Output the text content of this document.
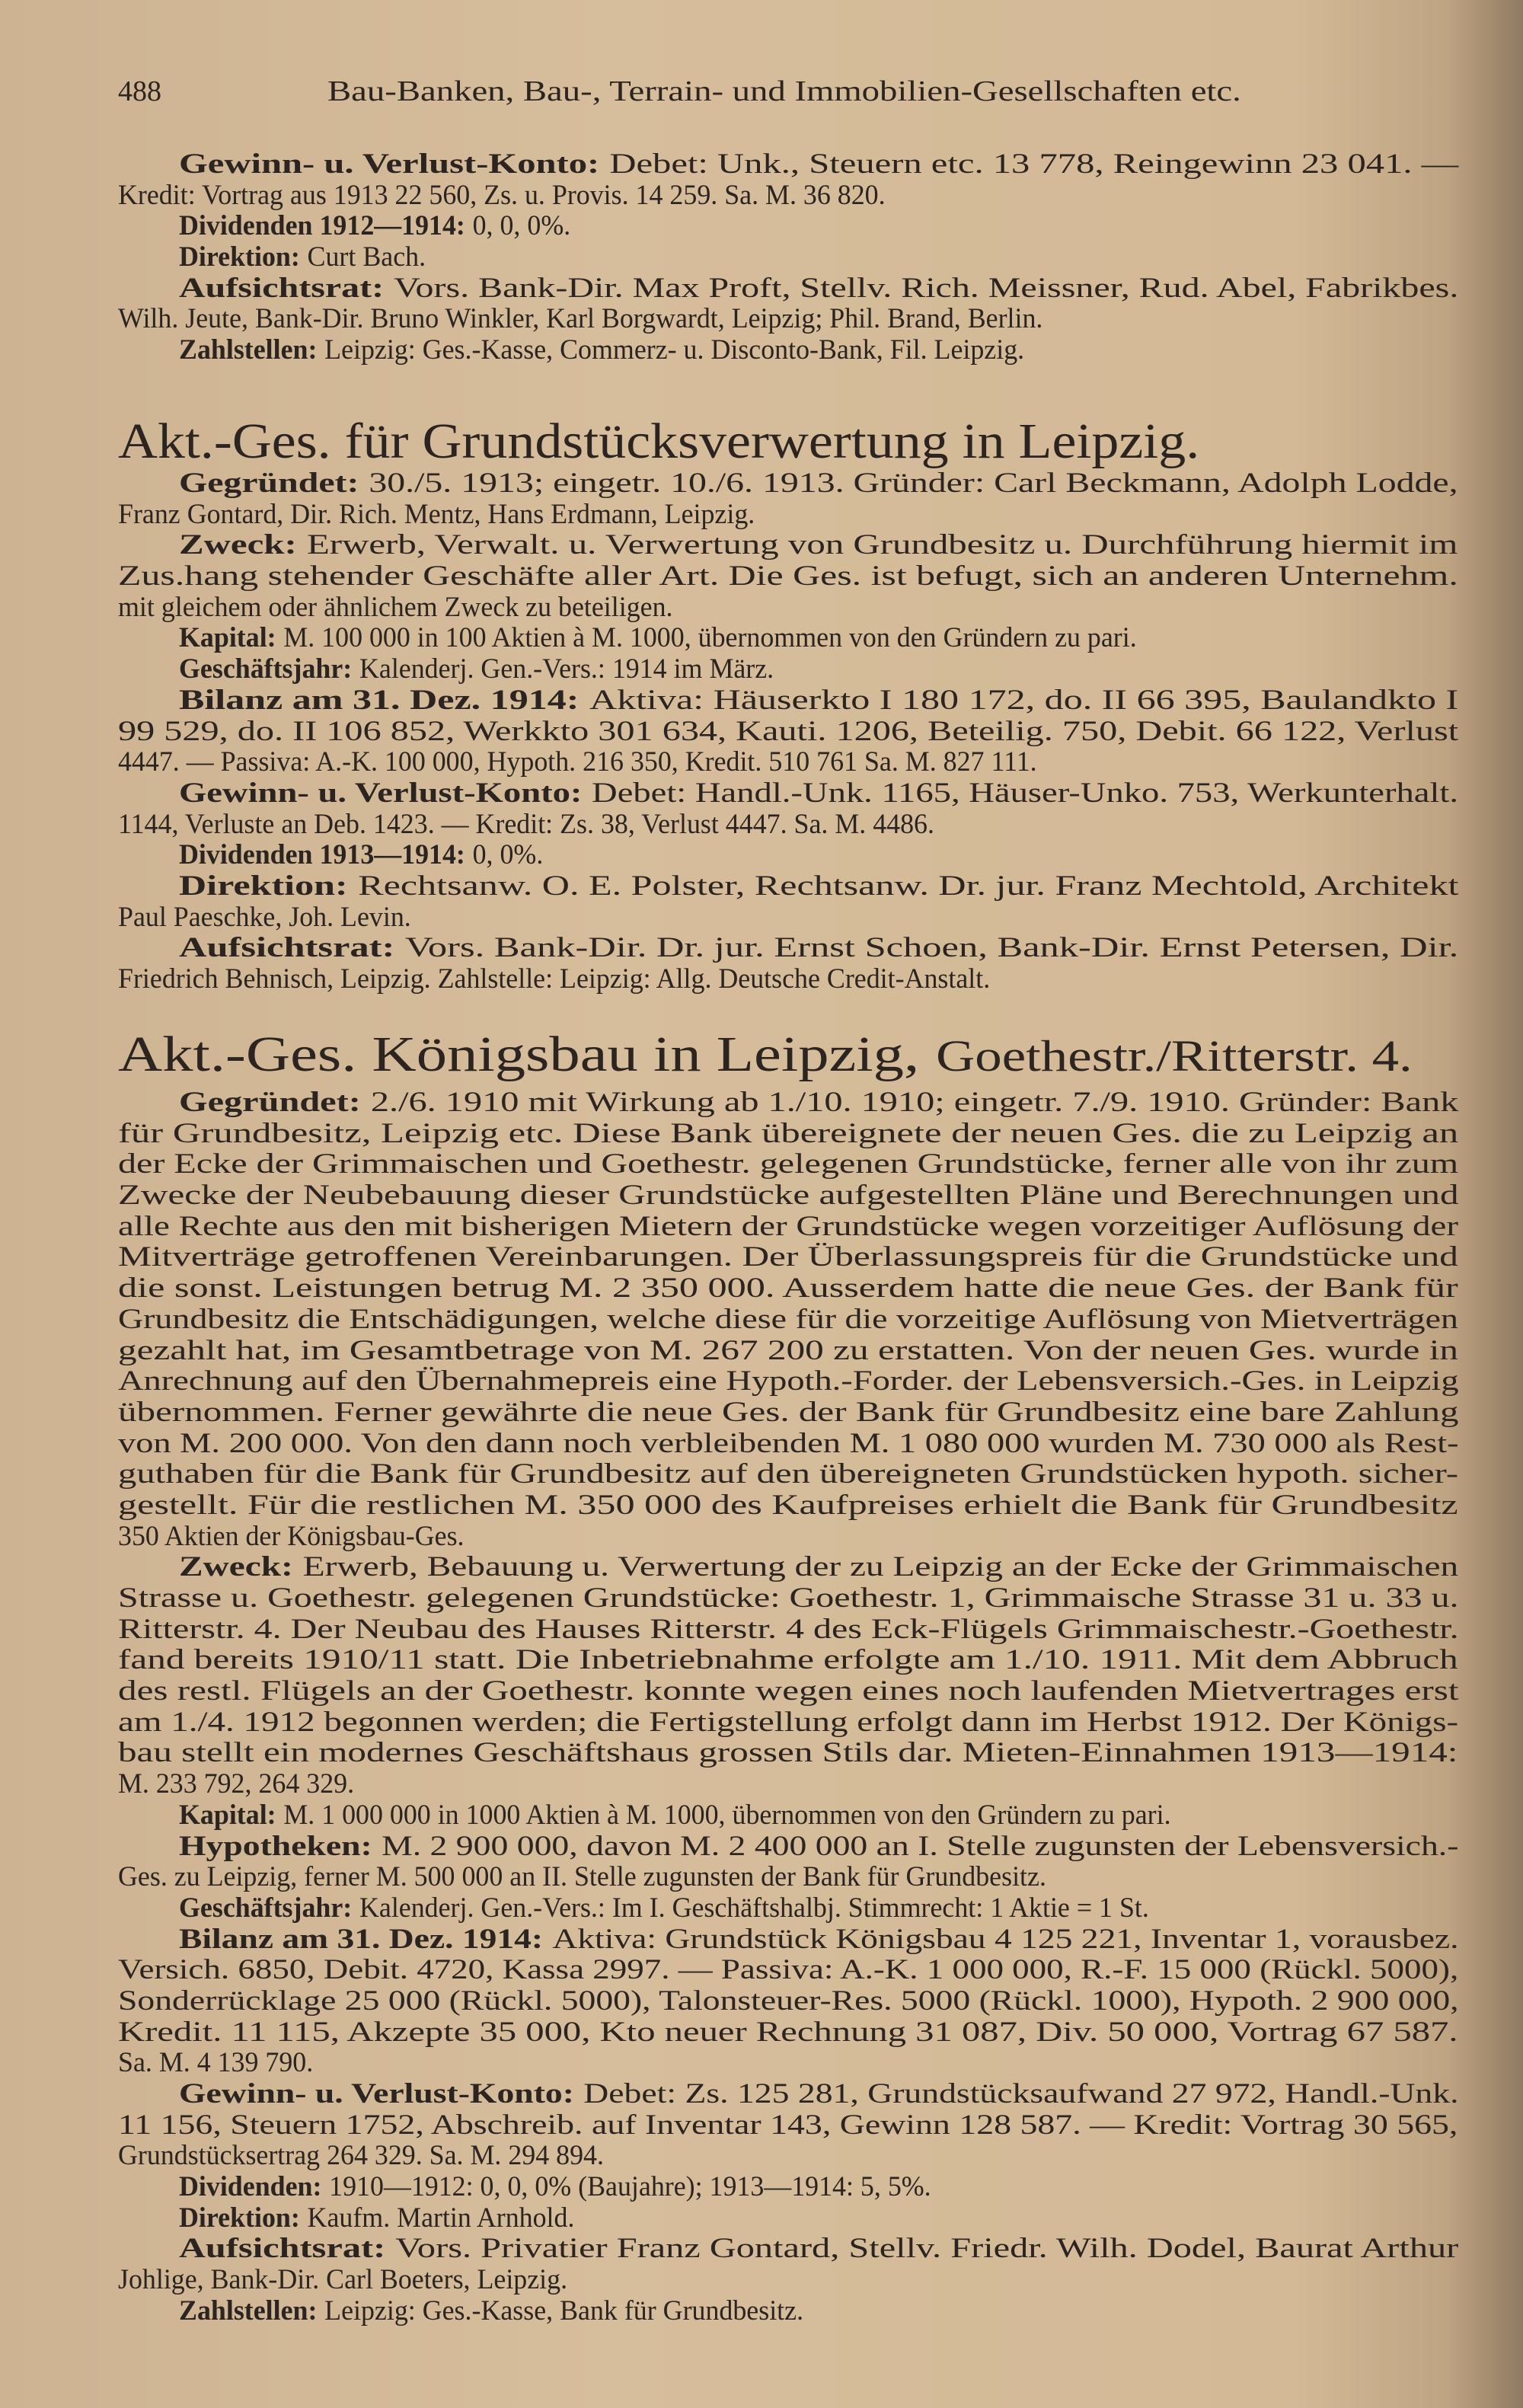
488	Bau-Banken, Bau-, Terrain- und Immobilien-Gesellschaften etc.
Gewinn- u. Verlust-Konto: Debet: Unk., Steuern etc. 13 778, Reingewinn 23 041. —
Kredit: Vortrag aus 1913 22 560, Zs. u. Provis. 14 259. Sa. M. 36 820.
Dividenden 1912—1914: 0, 0, 0%.
Direktion: Curt Bach.
Aufsichtsrat: Vors. Bank-Dir. Max Proft, Stellv. Rich. Meissner, Rud. Abel, Fabrikbes.
Wilh. Jeute, Bank-Dir. Bruno Winkler, Karl Borgwardt, Leipzig; Phil. Brand, Berlin.
Zahlstellen: Leipzig: Ges.-Kasse, Commerz- u. Disconto-Bank, Fil. Leipzig.
Akt.-Ges. für Grundstücksverwertung in Leipzig.
Gegründet: 30./5. 1913; eingetr. 10./6. 1913. Gründer: Carl Beckmann, Adolph Lodde,
Franz Gontard, Dir. Rich. Mentz, Hans Erdmann, Leipzig.
Zweck: Erwerb, Verwalt. u. Verwertung von Grundbesitz u. Durchführung hiermit im
Zus.hang stehender Geschäfte aller Art. Die Ges. ist befugt, sich an anderen Unternehm.
mit gleichem oder ähnlichem Zweck zu beteiligen.
Kapital: M. 100 000 in 100 Aktien à M. 1000, übernommen von den Gründern zu pari.
Geschäftsjahr: Kalenderj. Gen.-Vers.: 1914 im März.
Bilanz am 31. Dez. 1914: Aktiva: Häuserkto I 180 172, do. II 66 395, Baulandkto I
99 529, do. II 106 852, Werkkto 301 634, Kauti. 1206, Beteilig. 750, Debit. 66 122, Verlust
4447. — Passiva: A.-K. 100 000, Hypoth. 216 350, Kredit. 510 761 Sa. M. 827 111.
Gewinn- u. Verlust-Konto: Debet: Handl.-Unk. 1165, Häuser-Unko. 753, Werkunterhalt.
1144, Verluste an Deb. 1423. — Kredit: Zs. 38, Verlust 4447. Sa. M. 4486.
Dividenden 1913—1914: 0, 0%.
Direktion: Rechtsanw. O. E. Polster, Rechtsanw. Dr. jur. Franz Mechtold, Architekt
Paul Paeschke, Joh. Levin.
Aufsichtsrat: Vors. Bank-Dir. Dr. jur. Ernst Schoen, Bank-Dir. Ernst Petersen, Dir.
Friedrich Behnisch, Leipzig. Zahlstelle: Leipzig: Allg. Deutsche Credit-Anstalt.
Akt.-Ges. Königsbau in Leipzig, Goethestr./Ritterstr. 4.
Gegründet: 2./6. 1910 mit Wirkung ab 1./10. 1910; eingetr. 7./9. 1910. Gründer: Bank
für Grundbesitz, Leipzig etc. Diese Bank übereignete der neuen Ges. die zu Leipzig an
der Ecke der Grimmaischen und Goethestr. gelegenen Grundstücke, ferner alle von ihr zum
Zwecke der Neubebauung dieser Grundstücke aufgestellten Pläne und Berechnungen und
alle Rechte aus den mit bisherigen Mietern der Grundstücke wegen vorzeitiger Auflösung der
Mitverträge getroffenen Vereinbarungen. Der Überlassungspreis für die Grundstücke und
die sonst. Leistungen betrug M. 2 350 000. Ausserdem hatte die neue Ges. der Bank für
Grundbesitz die Entschädigungen, welche diese für die vorzeitige Auflösung von Mietverträgen
gezahlt hat, im Gesamtbetrage von M. 267 200 zu erstatten. Von der neuen Ges. wurde in
Anrechnung auf den Übernahmepreis eine Hypoth.-Forder. der Lebensversich.-Ges. in Leipzig
übernommen. Ferner gewährte die neue Ges. der Bank für Grundbesitz eine bare Zahlung
von M. 200 000. Von den dann noch verbleibenden M. 1 080 000 wurden M. 730 000 als Rest-
guthaben für die Bank für Grundbesitz auf den übereigneten Grundstücken hypoth. sicher-
gestellt. Für die restlichen M. 350 000 des Kaufpreises erhielt die Bank für Grundbesitz
350 Aktien der Königsbau-Ges.
Zweck: Erwerb, Bebauung u. Verwertung der zu Leipzig an der Ecke der Grimmaischen
Strasse u. Goethestr. gelegenen Grundstücke: Goethestr. 1, Grimmaische Strasse 31 u. 33 u.
Ritterstr. 4. Der Neubau des Hauses Ritterstr. 4 des Eck-Flügels Grimmaischestr.-Goethestr.
fand bereits 1910/11 statt. Die Inbetriebnahme erfolgte am 1./10. 1911. Mit dem Abbruch
des restl. Flügels an der Goethestr. konnte wegen eines noch laufenden Mietvertrages erst
am 1./4. 1912 begonnen werden; die Fertigstellung erfolgt dann im Herbst 1912. Der Königs-
bau stellt ein modernes Geschäftshaus grossen Stils dar. Mieten-Einnahmen 1913—1914:
M. 233 792, 264 329.
Kapital: M. 1 000 000 in 1000 Aktien à M. 1000, übernommen von den Gründern zu pari.
Hypotheken: M. 2 900 000, davon M. 2 400 000 an I. Stelle zugunsten der Lebensversich.-
Ges. zu Leipzig, ferner M. 500 000 an II. Stelle zugunsten der Bank für Grundbesitz.
Geschäftsjahr: Kalenderj. Gen.-Vers.: Im I. Geschäftshalbj. Stimmrecht: 1 Aktie = 1 St.
Bilanz am 31. Dez. 1914: Aktiva: Grundstück Königsbau 4 125 221, Inventar 1, vorausbez.
Versich. 6850, Debit. 4720, Kassa 2997. — Passiva: A.-K. 1 000 000, R.-F. 15 000 (Rückl. 5000),
Sonderrücklage 25 000 (Rückl. 5000), Talonsteuer-Res. 5000 (Rückl. 1000), Hypoth. 2 900 000,
Kredit. 11 115, Akzepte 35 000, Kto neuer Rechnung 31 087, Div. 50 000, Vortrag 67 587.
Sa. M. 4 139 790.
Gewinn- u. Verlust-Konto: Debet: Zs. 125 281, Grundstücksaufwand 27 972, Handl.-Unk.
11 156, Steuern 1752, Abschreib. auf Inventar 143, Gewinn 128 587. — Kredit: Vortrag 30 565,
Grundstücksertrag 264 329. Sa. M. 294 894.
Dividenden: 1910—1912: 0, 0, 0% (Baujahre); 1913—1914: 5, 5%.
Direktion: Kaufm. Martin Arnhold.
Aufsichtsrat: Vors. Privatier Franz Gontard, Stellv. Friedr. Wilh. Dodel, Baurat Arthur
Johlige, Bank-Dir. Carl Boeters, Leipzig.
Zahlstellen: Leipzig: Ges.-Kasse, Bank für Grundbesitz.
